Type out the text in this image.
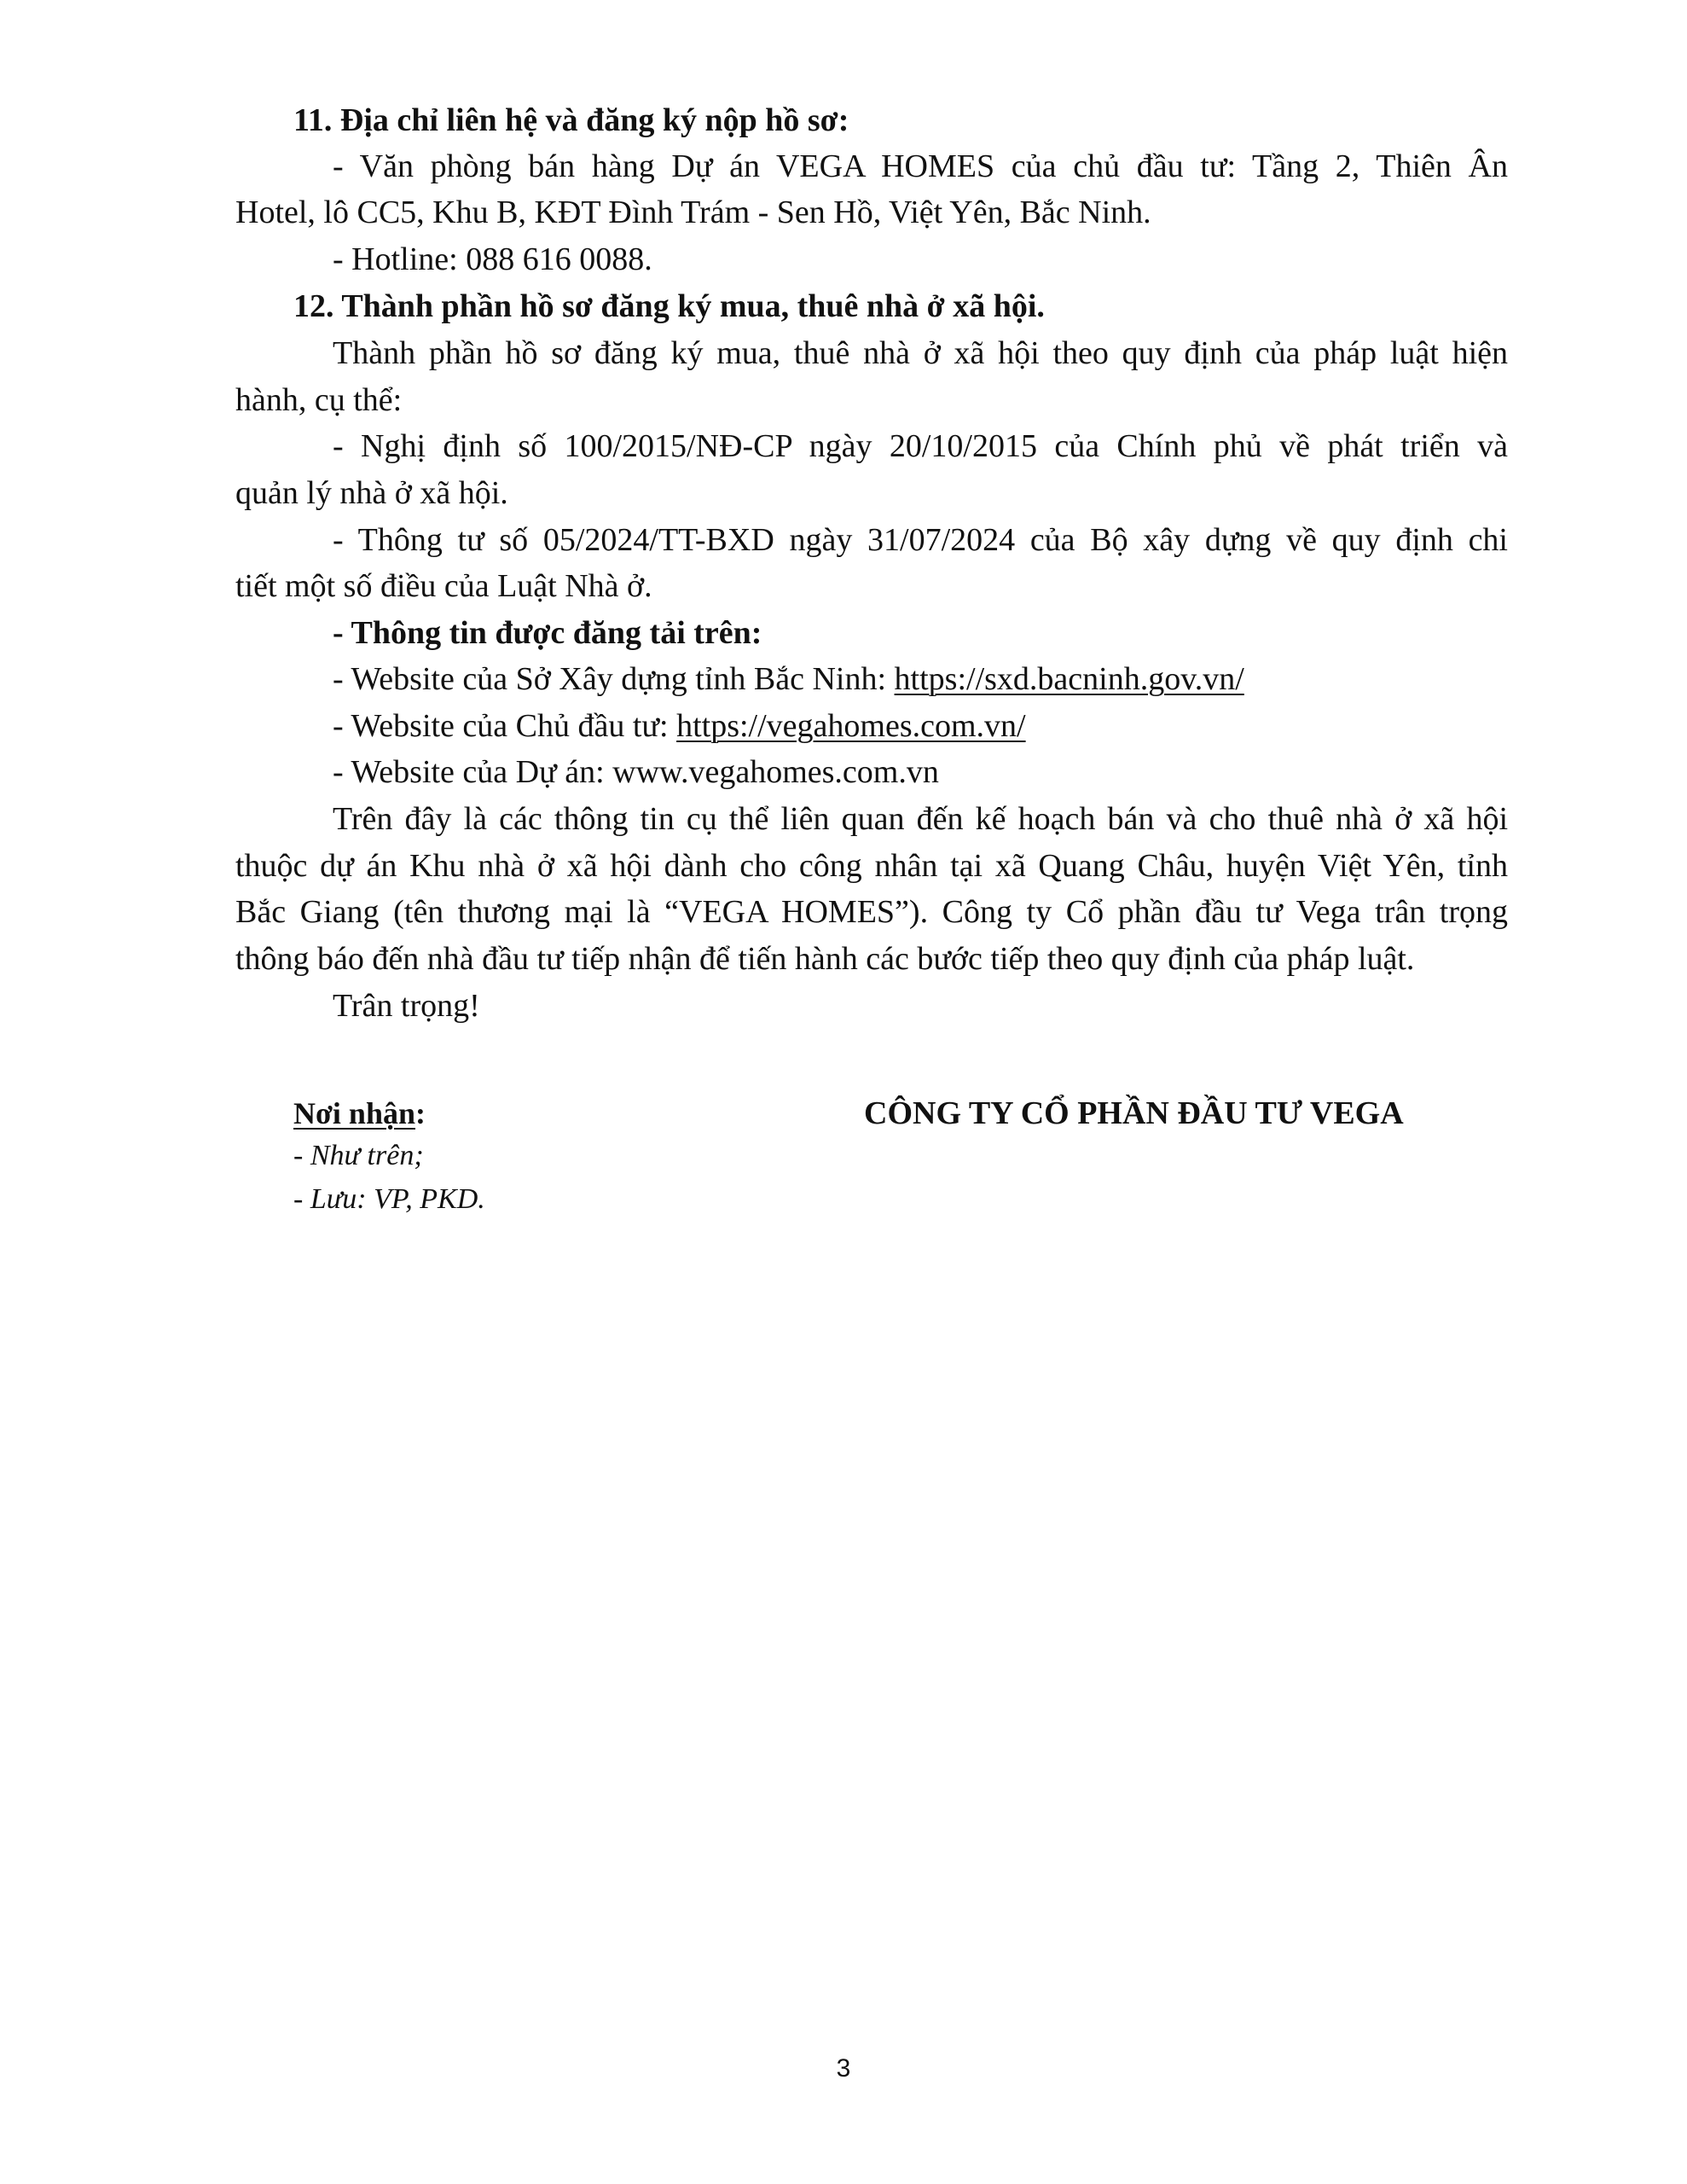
11. Địa chỉ liên hệ và đăng ký nộp hồ sơ:
- Văn phòng bán hàng Dự án VEGA HOMES của chủ đầu tư: Tầng 2, Thiên Ân
Hotel, lô CC5, Khu B, KĐT Đình Trám - Sen Hồ, Việt Yên, Bắc Ninh.
- Hotline: 088 616 0088.
12. Thành phần hồ sơ đăng ký mua, thuê nhà ở xã hội.
Thành phần hồ sơ đăng ký mua, thuê nhà ở xã hội theo quy định của pháp luật hiện
hành, cụ thể:
- Nghị định số 100/2015/NĐ-CP ngày 20/10/2015 của Chính phủ về phát triển và
quản lý nhà ở xã hội.
- Thông tư số 05/2024/TT-BXD ngày 31/07/2024 của Bộ xây dựng về quy định chi
tiết một số điều của Luật Nhà ở.
- Thông tin được đăng tải trên:
- Website của Sở Xây dựng tỉnh Bắc Ninh: https://sxd.bacninh.gov.vn/
- Website của Chủ đầu tư: https://vegahomes.com.vn/
- Website của Dự án: www.vegahomes.com.vn
Trên đây là các thông tin cụ thể liên quan đến kế hoạch bán và cho thuê nhà ở xã hội
thuộc dự án Khu nhà ở xã hội dành cho công nhân tại xã Quang Châu, huyện Việt Yên, tỉnh
Bắc Giang (tên thương mại là “VEGA HOMES”). Công ty Cổ phần đầu tư Vega trân trọng
thông báo đến nhà đầu tư tiếp nhận để tiến hành các bước tiếp theo quy định của pháp luật.
Trân trọng!
Nơi nhận:
- Như trên;
- Lưu: VP, PKD.
CÔNG TY CỔ PHẦN ĐẦU TƯ VEGA
3
